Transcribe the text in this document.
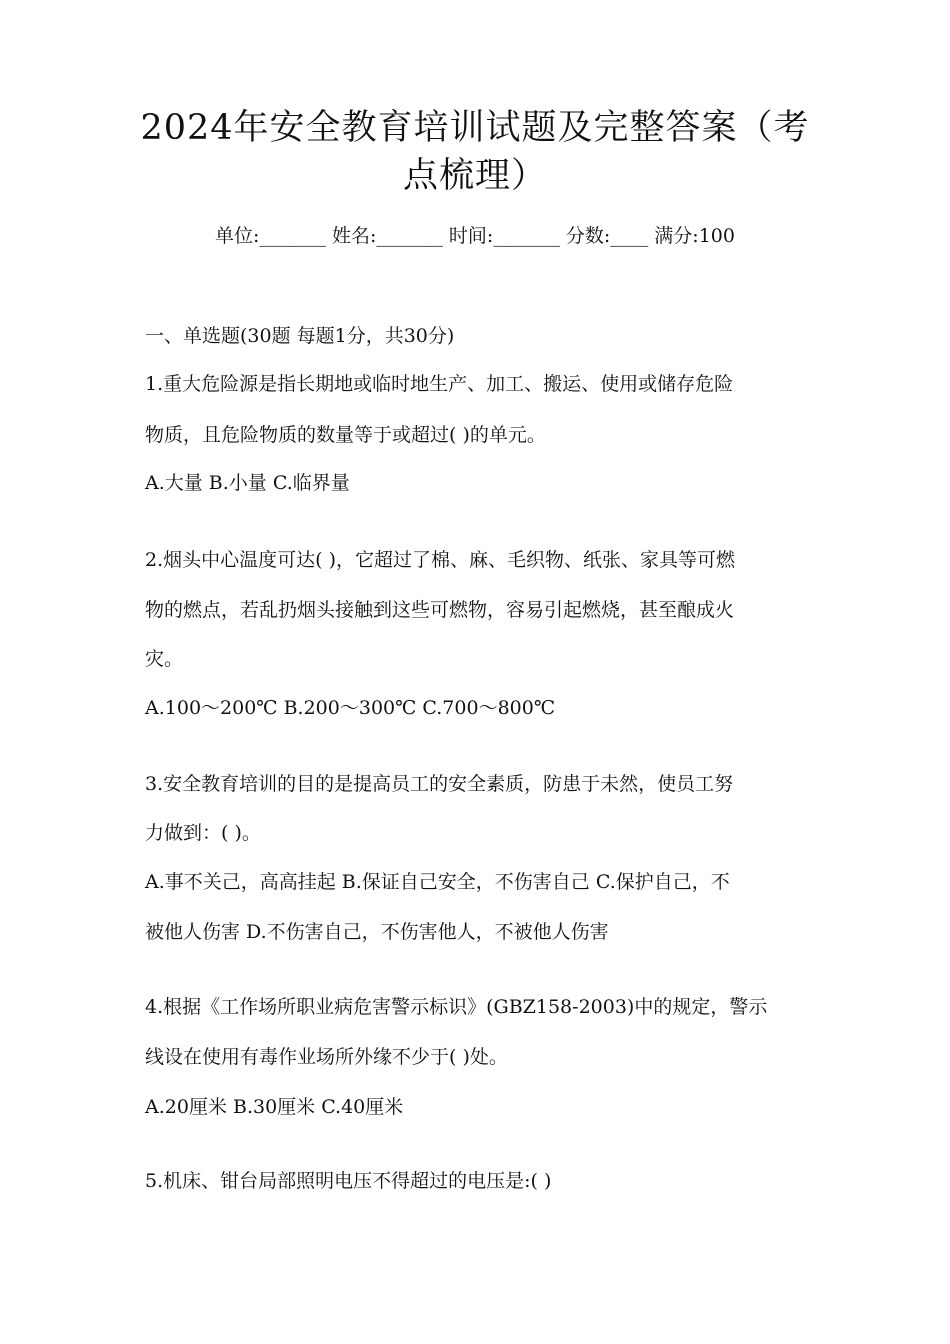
2024年安全教育培训试题及完整答案（考
点梳理）
单位:_______ 姓名:_______ 时间:_______ 分数:____ 满分:100
一、单选题(30题 每题1分，共30分)
1.重大危险源是指长期地或临时地生产、加工、搬运、使用或储存危险
物质，且危险物质的数量等于或超过( )的单元。
A.大量 B.小量 C.临界量
2.烟头中心温度可达( )，它超过了棉、麻、毛织物、纸张、家具等可燃
物的燃点，若乱扔烟头接触到这些可燃物，容易引起燃烧，甚至酿成火
灾。
A.100～200℃ B.200～300℃ C.700～800℃
3.安全教育培训的目的是提高员工的安全素质，防患于未然，使员工努
力做到：( )。
A.事不关己，高高挂起 B.保证自己安全，不伤害自己 C.保护自己，不
被他人伤害 D.不伤害自己，不伤害他人，不被他人伤害
4.根据《工作场所职业病危害警示标识》(GBZ158-2003)中的规定，警示
线设在使用有毒作业场所外缘不少于( )处。
A.20厘米 B.30厘米 C.40厘米
5.机床、钳台局部照明电压不得超过的电压是:( )
